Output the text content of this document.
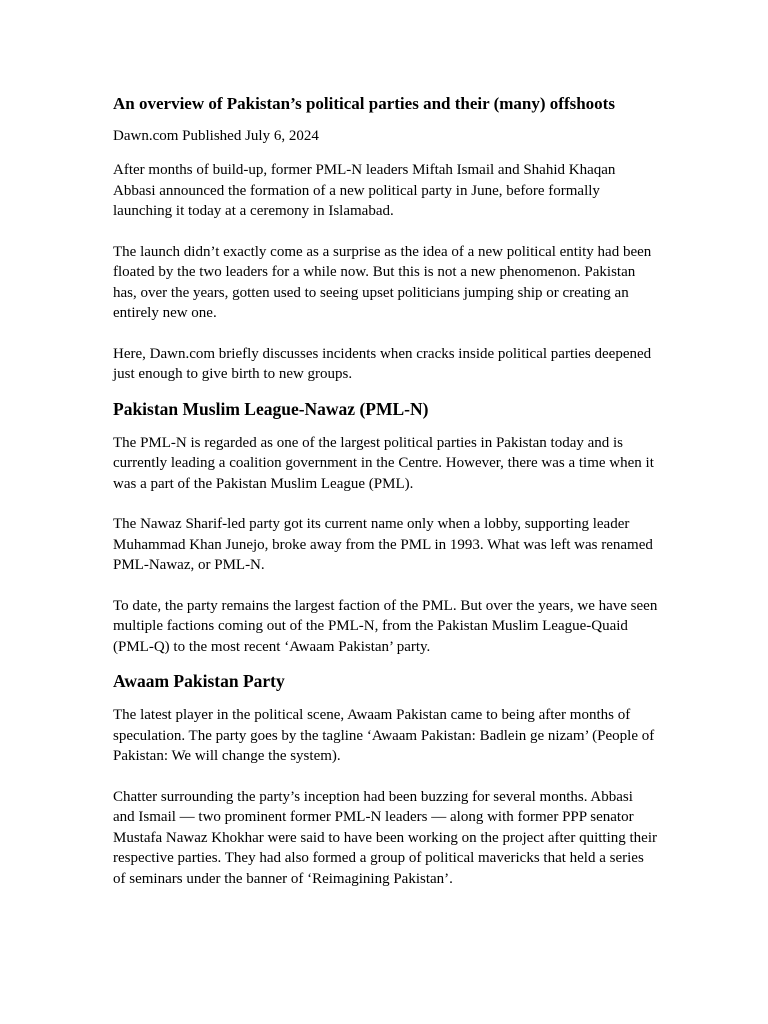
An overview of Pakistan’s political parties and their (many) offshoots

Dawn.com Published July 6, 2024

After months of build-up, former PML-N leaders Miftah Ismail and Shahid Khaqan Abbasi announced the formation of a new political party in June, before formally launching it today at a ceremony in Islamabad.

The launch didn’t exactly come as a surprise as the idea of a new political entity had been floated by the two leaders for a while now. But this is not a new phenomenon. Pakistan has, over the years, gotten used to seeing upset politicians jumping ship or creating an entirely new one.

Here, Dawn.com briefly discusses incidents when cracks inside political parties deepened just enough to give birth to new groups.

Pakistan Muslim League-Nawaz (PML-N)

The PML-N is regarded as one of the largest political parties in Pakistan today and is currently leading a coalition government in the Centre. However, there was a time when it was a part of the Pakistan Muslim League (PML).

The Nawaz Sharif-led party got its current name only when a lobby, supporting leader Muhammad Khan Junejo, broke away from the PML in 1993. What was left was renamed PML-Nawaz, or PML-N.

To date, the party remains the largest faction of the PML. But over the years, we have seen multiple factions coming out of the PML-N, from the Pakistan Muslim League-Quaid (PML-Q) to the most recent ‘Awaam Pakistan’ party.

Awaam Pakistan Party

The latest player in the political scene, Awaam Pakistan came to being after months of speculation. The party goes by the tagline ‘Awaam Pakistan: Badlein ge nizam’ (People of Pakistan: We will change the system).

Chatter surrounding the party’s inception had been buzzing for several months. Abbasi and Ismail — two prominent former PML-N leaders — along with former PPP senator Mustafa Nawaz Khokhar were said to have been working on the project after quitting their respective parties. They had also formed a group of political mavericks that held a series of seminars under the banner of ‘Reimagining Pakistan’.
